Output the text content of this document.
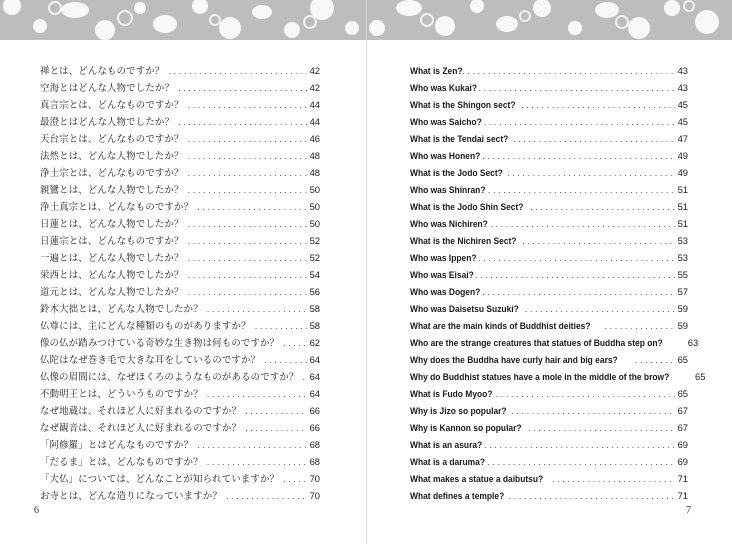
禅とは、どんなものですか？ . . .	42
空海とはどんな人物でしたか？ . . .	42
真言宗とは、どんなものですか？ . . .	44
最澄とはどんな人物でしたか？ . . .	44
天台宗とは、どんなものですか？ . . .	46
法然とは、どんな人物でしたか？ . . .	48
浄土宗とは、どんなものですか？ . . .	48
親鸞とは、どんな人物でしたか？ . . .	50
浄土真宗とは、どんなものですか？ . . .	50
日蓮とは、どんな人物でしたか？ . . .	50
日蓮宗とは、どんなものですか？ . . .	52
一遍とは、どんな人物でしたか？ . . .	52
栄西とは、どんな人物でしたか？ . . .	54
道元とは、どんな人物でしたか？ . . .	56
鈴木大拙とは、どんな人物でしたか？ . . .	58
仏尊には、主にどんな種類のものがありますか？ . . .	58
像の仏が踏みつけている奇妙な生き物は何ものですか？ . . .	62
仏陀はなぜ巻き毛で大きな耳をしているのですか？ . . .	64
仏像の眉間には、なぜほくろのようなものがあるのですか？ . . .	64
不動明王とは、どういうものですか？ . . .	64
なぜ地蔵は、それほど人に好まれるのですか？ . . .	66
なぜ観音は、それほど人に好まれるのですか？ . . .	66
「阿修羅」とはどんなものですか？ . . .	68
「だるま」とは、どんなものですか？ . . .	68
「大仏」については、どんなことが知られていますか？ . . .	70
お寺とは、どんな造りになっていますか？ . . .	70
6
What is Zen? . . .	43
Who was Kukai? . . .	43
What is the Shingon sect? . . .	45
Who was Saicho? . . .	45
What is the Tendai sect? . . .	47
Who was Honen? . . .	49
What is the Jodo Sect? . . .	49
Who was Shinran? . . .	51
What is the Jodo Shin Sect? . . .	51
Who was Nichiren? . . .	51
What is the Nichiren Sect? . . .	53
Who was Ippen? . . .	53
Who was Eisai? . . .	55
Who was Dogen? . . .	57
Who was Daisetsu Suzuki? . . .	59
What are the main kinds of Buddhist deities? . . .	59
Who are the strange creatures that statues of Buddha step on?	63
Why does the Buddha have curly hair and big ears? . . .	65
Why do Buddhist statues have a mole in the middle of the brow?	65
What is Fudo Myoo? . . .	65
Why is Jizo so popular? . . .	67
Why is Kannon so popular? . . .	67
What is an asura? . . .	69
What is a daruma? . . .	69
What makes a statue a daibutsu? . . .	71
What defines a temple? . . .	71
7
